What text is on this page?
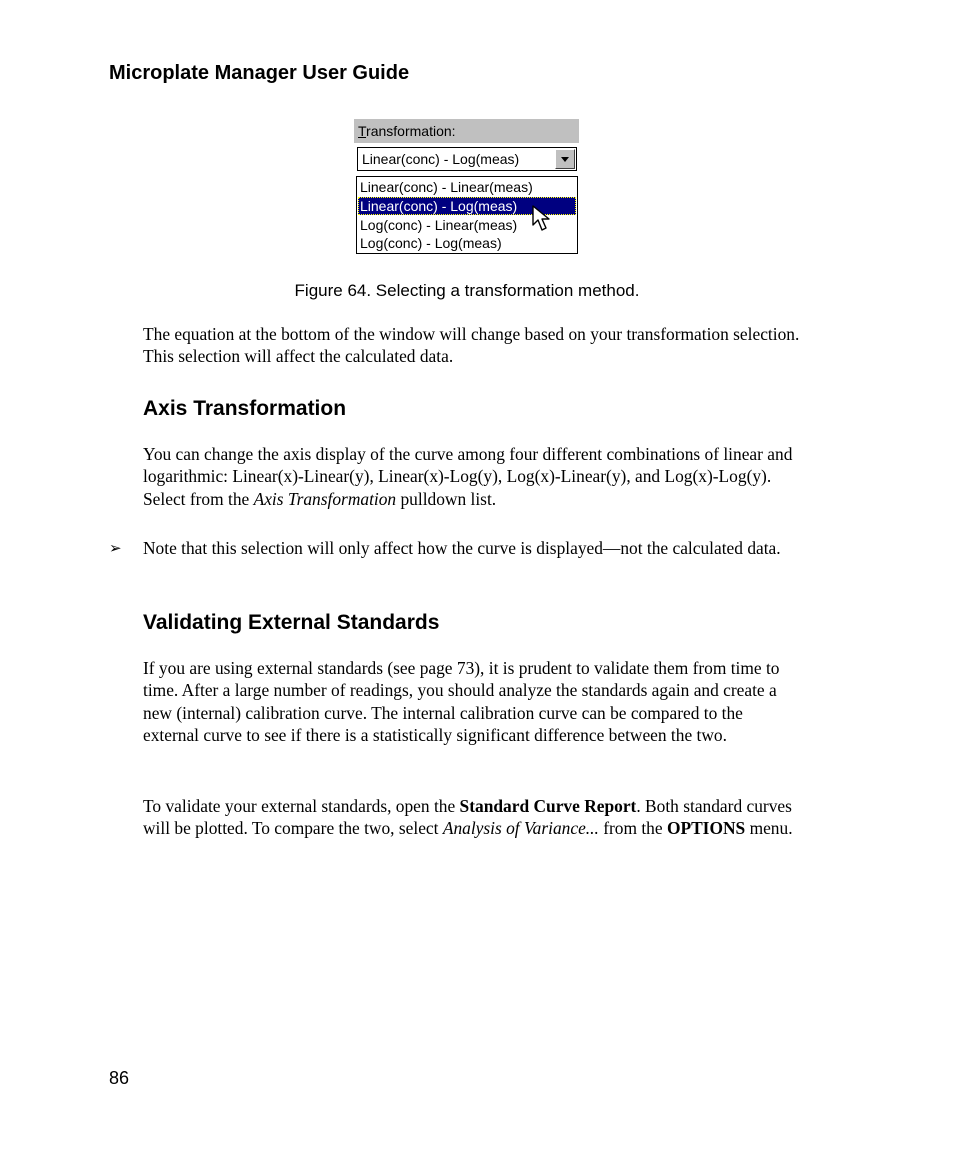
Microplate Manager User Guide
Transformation:
Linear(conc) - Log(meas)
Linear(conc) - Linear(meas)
Linear(conc) - Log(meas)
Log(conc) - Linear(meas)
Log(conc) - Log(meas)
Figure 64. Selecting a transformation method.
The equation at the bottom of the window will change based on your transformation selection. This selection will affect the calculated data.
Axis Transformation
You can change the axis display of the curve among four different combinations of linear and logarithmic: Linear(x)-Linear(y), Linear(x)-Log(y), Log(x)-Linear(y), and Log(x)-Log(y). Select from the Axis Transformation pulldown list.
➢ Note that this selection will only affect how the curve is displayed—not the calculated data.
Validating External Standards
If you are using external standards (see page 73), it is prudent to validate them from time to time. After a large number of readings, you should analyze the standards again and create a new (internal) calibration curve. The internal calibration curve can be compared to the external curve to see if there is a statistically significant difference between the two.
To validate your external standards, open the Standard Curve Report. Both standard curves will be plotted. To compare the two, select Analysis of Variance... from the OPTIONS menu.
86
